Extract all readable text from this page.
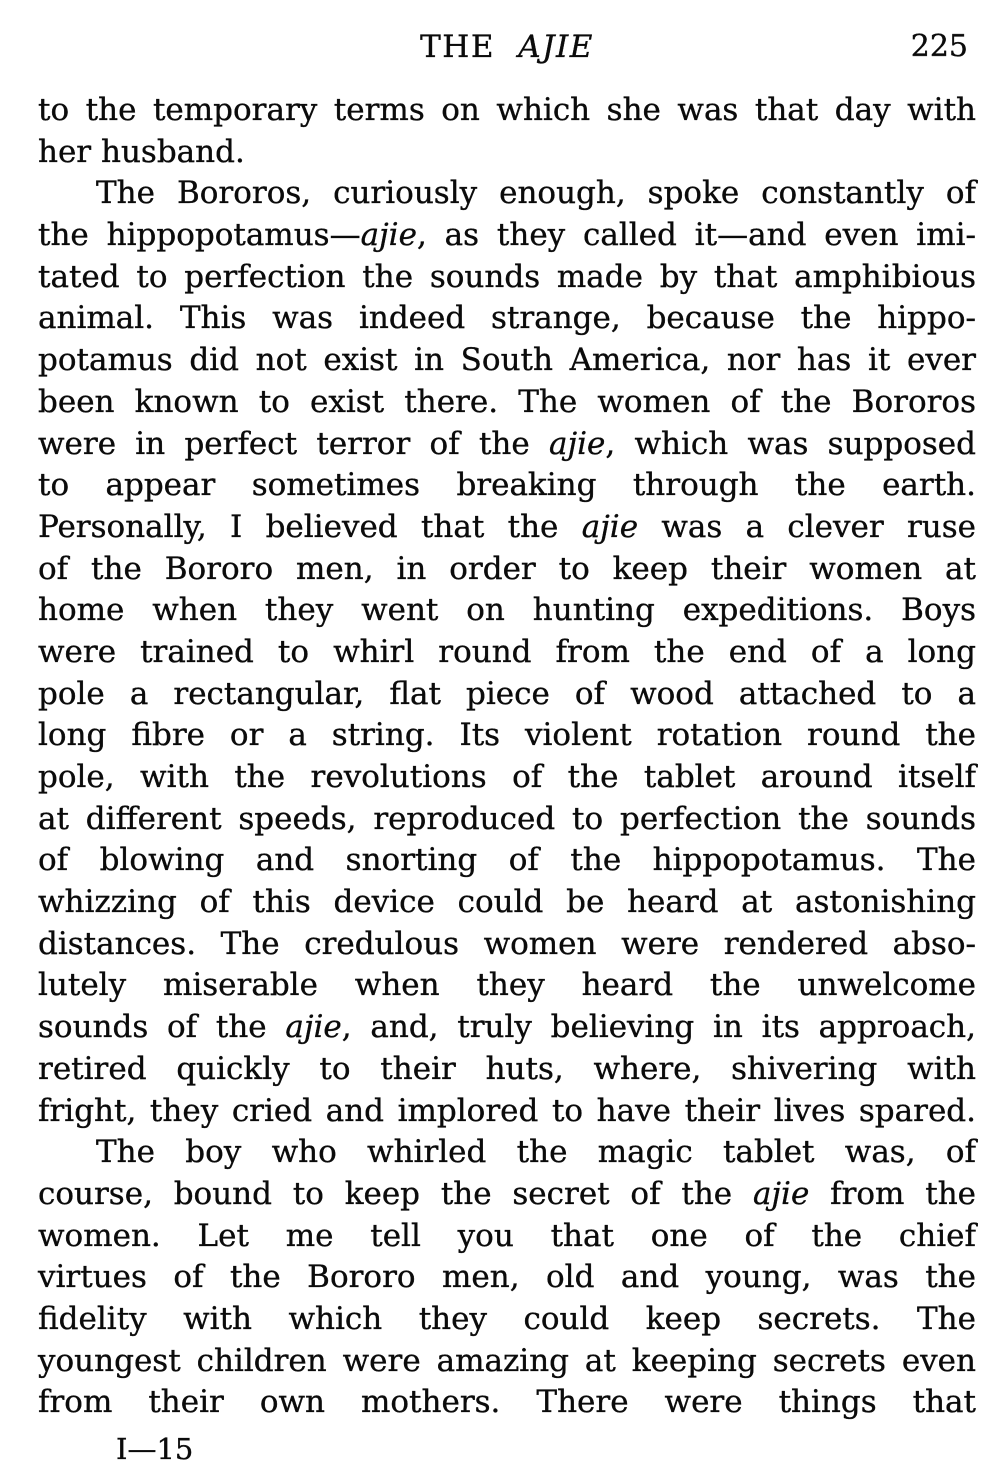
THE AJIE	225
to the temporary terms on which she was that day with
her husband.
The Bororos, curiously enough, spoke constantly of
the hippopotamus—ajie, as they called it—and even imi-
tated to perfection the sounds made by that amphibious
animal. This was indeed strange, because the hippo-
potamus did not exist in South America, nor has it ever
been known to exist there. The women of the Bororos
were in perfect terror of the ajie, which was supposed
to appear sometimes breaking through the earth.
Personally, I believed that the ajie was a clever ruse
of the Bororo men, in order to keep their women at
home when they went on hunting expeditions. Boys
were trained to whirl round from the end of a long
pole a rectangular, flat piece of wood attached to a
long fibre or a string. Its violent rotation round the
pole, with the revolutions of the tablet around itself
at different speeds, reproduced to perfection the sounds
of blowing and snorting of the hippopotamus. The
whizzing of this device could be heard at astonishing
distances. The credulous women were rendered abso-
lutely miserable when they heard the unwelcome
sounds of the ajie, and, truly believing in its approach,
retired quickly to their huts, where, shivering with
fright, they cried and implored to have their lives spared.
The boy who whirled the magic tablet was, of
course, bound to keep the secret of the ajie from the
women. Let me tell you that one of the chief
virtues of the Bororo men, old and young, was the
fidelity with which they could keep secrets. The
youngest children were amazing at keeping secrets even
from their own mothers. There were things that
I—15
